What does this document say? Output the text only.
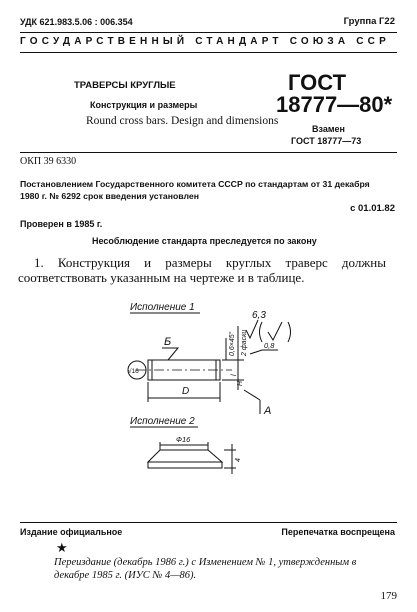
УДК 621.983.5.06 : 006.354	Группа Г22
ГОСУДАРСТВЕННЫЙ СТАНДАРТ СОЮЗА ССР
ТРАВЕРСЫ КРУГЛЫЕ
Конструкция и размеры
Round cross bars. Design and dimensions
ГОСТ
18777—80*
Взамен
ГОСТ 18777—73
ОКП 39 6330
Постановлением Государственного комитета СССР по стандартам от 31 декабря
1980 г. № 6292 срок введения установлен
с 01.01.82
Проверен в 1985 г.
Несоблюдение стандарта преследуется по закону
1. Конструкция и размеры круглых траверс должны соответствовать указанным на чертеже и в таблице.
Исполнение 1
6,3
Б
√16
D
А
0,8
0,6×45° 2 фаски
l
H
Исполнение 2
Ф16
4
Издание официальное	Перепечатка воспрещена
★
Переиздание (декабрь 1986 г.) с Изменением № 1, утвержденным в декабре 1985 г. (ИУС № 4—86).
179
